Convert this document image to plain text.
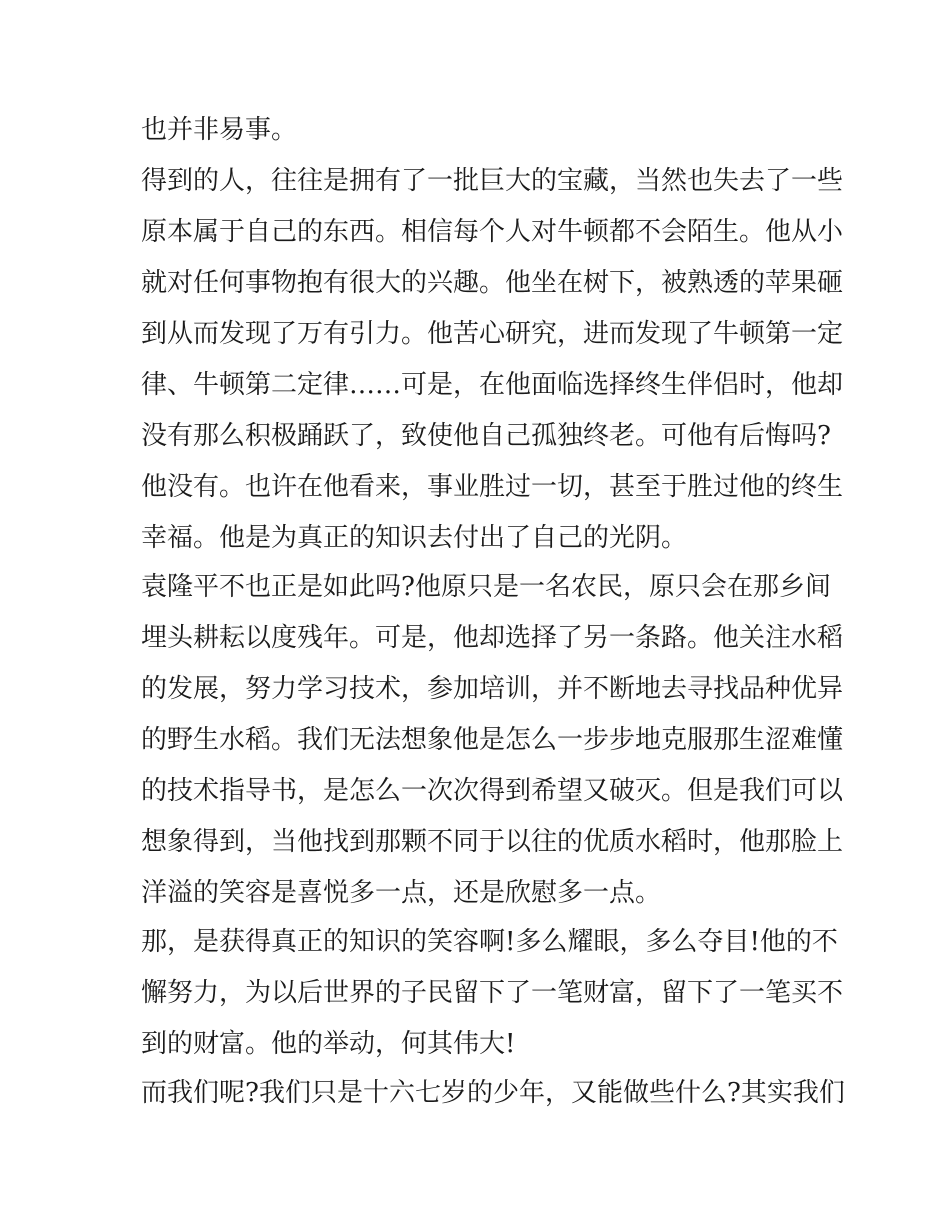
也并非易事。
得到的人，往往是拥有了一批巨大的宝藏，当然也失去了一些
原本属于自己的东西。相信每个人对牛顿都不会陌生。他从小
就对任何事物抱有很大的兴趣。他坐在树下，被熟透的苹果砸
到从而发现了万有引力。他苦心研究，进而发现了牛顿第一定
律、牛顿第二定律……可是，在他面临选择终生伴侣时，他却
没有那么积极踊跃了，致使他自己孤独终老。可他有后悔吗?
他没有。也许在他看来，事业胜过一切，甚至于胜过他的终生
幸福。他是为真正的知识去付出了自己的光阴。
袁隆平不也正是如此吗?他原只是一名农民，原只会在那乡间
埋头耕耘以度残年。可是，他却选择了另一条路。他关注水稻
的发展，努力学习技术，参加培训，并不断地去寻找品种优异
的野生水稻。我们无法想象他是怎么一步步地克服那生涩难懂
的技术指导书，是怎么一次次得到希望又破灭。但是我们可以
想象得到，当他找到那颗不同于以往的优质水稻时，他那脸上
洋溢的笑容是喜悦多一点，还是欣慰多一点。
那，是获得真正的知识的笑容啊!多么耀眼，多么夺目!他的不
懈努力，为以后世界的子民留下了一笔财富，留下了一笔买不
到的财富。他的举动，何其伟大!
而我们呢?我们只是十六七岁的少年，又能做些什么?其实我们
